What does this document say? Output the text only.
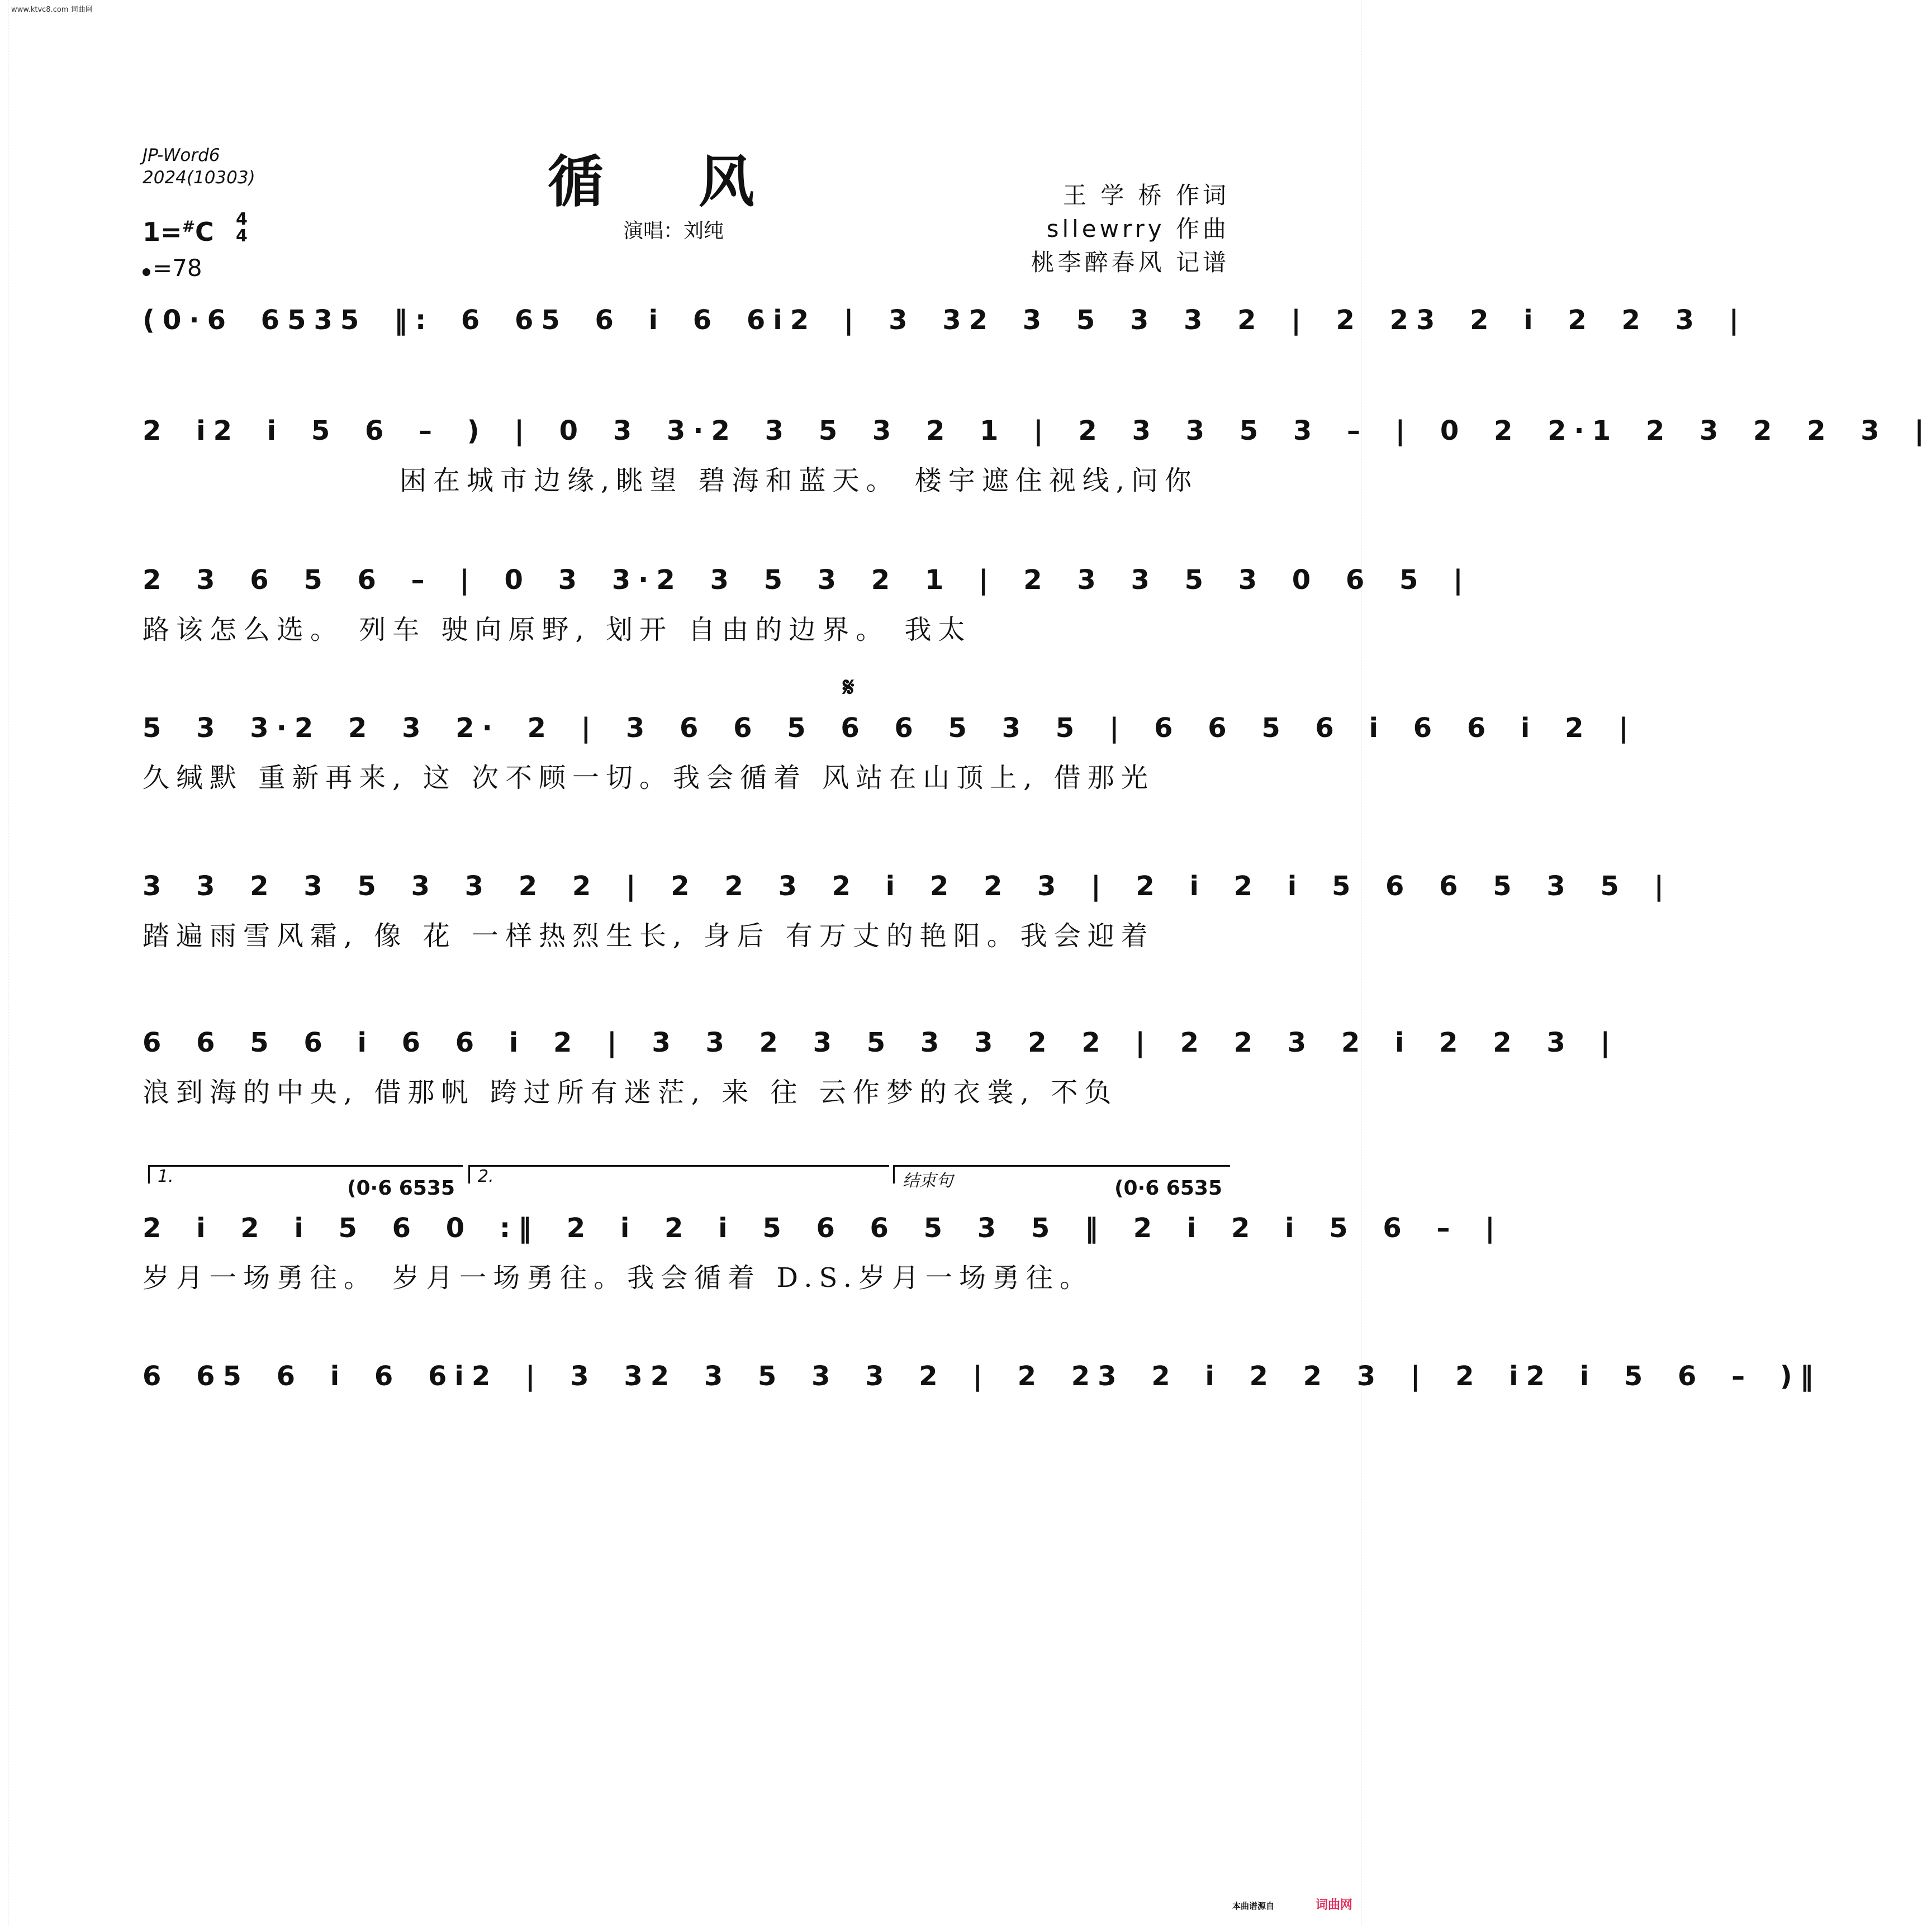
www.ktvc8.com 词曲网
JP-Word6
2024(10303)	循风
演唱：刘纯
王 学 桥 作词
sllewrry 作曲
桃李醉春风 记谱
1=#C 4
4
=78
(0·6 6535 ‖: 6 65 6 i 6 6i2 | 3 32 3 5 3 3 2 | 2 23 2 i 2 2 3 |
2 i2 i 5 6 – ) | 0 3 3·2 3 5 3 2 1 | 2 3 3 5 3 – | 0 2 2·1 2 3 2 2 3 |
困在城市边缘,眺望 碧海和蓝天。 楼宇遮住视线,问你
2 3 6 5 6 – | 0 3 3·2 3 5 3 2 1 | 2 3 3 5 3 0 6 5 |
路该怎么选。 列车 驶向原野, 划开 自由的边界。 我太
𝄋
5 3 3·2 2 3 2· 2 | 3 6 6 5 6 6 5 3 5 | 6 6 5 6 i 6 6 i 2 |
久缄默 重新再来, 这 次不顾一切。我会循着 风站在山顶上, 借那光
3 3 2 3 5 3 3 2 2 | 2 2 3 2 i 2 2 3 | 2 i 2 i 5 6 6 5 3 5 |
踏遍雨雪风霜, 像 花 一样热烈生长, 身后 有万丈的艳阳。我会迎着
6 6 5 6 i 6 6 i 2 | 3 3 2 3 5 3 3 2 2 | 2 2 3 2 i 2 2 3 |
浪到海的中央, 借那帆 跨过所有迷茫, 来 往 云作梦的衣裳, 不负
1.
(0·6 6535
2.	结束句	(0·6 6535
2 i 2 i 5 6 0 :‖ 2 i 2 i 5 6 6 5 3 5 ‖ 2 i 2 i 5 6 – |
岁月一场勇往。 岁月一场勇往。我会循着 D.S.岁月一场勇往。
6 65 6 i 6 6i2 | 3 32 3 5 3 3 2 | 2 23 2 i 2 2 3 | 2 i2 i 5 6 – )‖
本曲谱源自	词曲网
